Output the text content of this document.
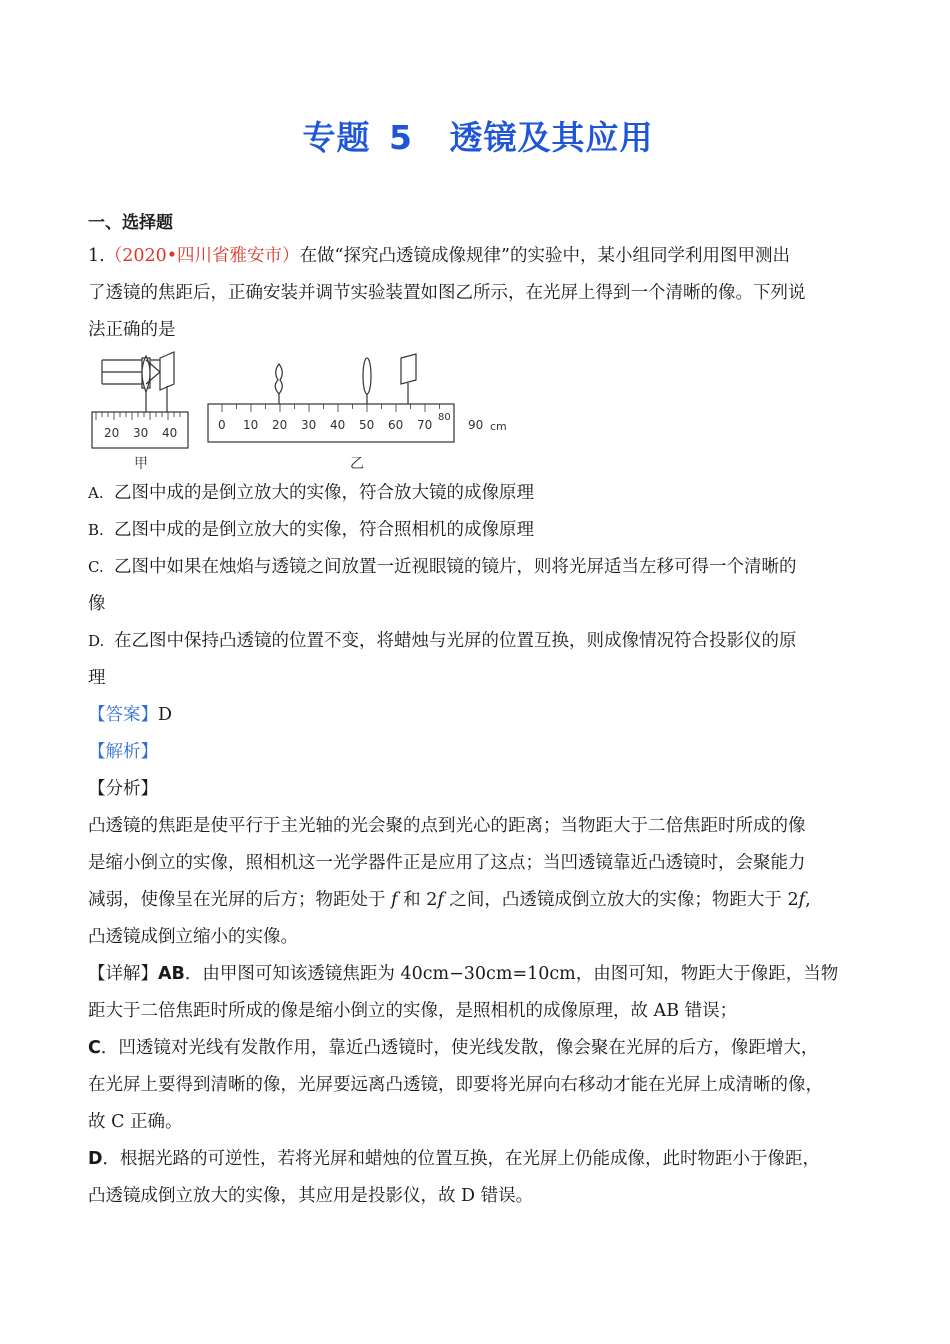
专题 5 透镜及其应用
一、选择题
1.（2020•四川省雅安市）在做“探究凸透镜成像规律”的实验中，某小组同学利用图甲测出
了透镜的焦距后，正确安装并调节实验装置如图乙所示，在光屏上得到一个清晰的像。下列说
法正确的是
20 30 40
甲
0 10 20 30 40 50 60 70
80
90 cm
乙
A. 乙图中成的是倒立放大的实像，符合放大镜的成像原理
B. 乙图中成的是倒立放大的实像，符合照相机的成像原理
C. 乙图中如果在烛焰与透镜之间放置一近视眼镜的镜片，则将光屏适当左移可得一个清晰的
像
D. 在乙图中保持凸透镜的位置不变，将蜡烛与光屏的位置互换，则成像情况符合投影仪的原
理
【答案】D
【解析】
【分析】
凸透镜的焦距是使平行于主光轴的光会聚的点到光心的距离；当物距大于二倍焦距时所成的像
是缩小倒立的实像，照相机这一光学器件正是应用了这点；当凹透镜靠近凸透镜时，会聚能力
减弱，使像呈在光屏的后方；物距处于 f 和 2f 之间，凸透镜成倒立放大的实像；物距大于 2f,
凸透镜成倒立缩小的实像。
【详解】AB．由甲图可知该透镜焦距为 40cm−30cm=10cm，由图可知，物距大于像距，当物
距大于二倍焦距时所成的像是缩小倒立的实像，是照相机的成像原理，故 AB 错误；
C．凹透镜对光线有发散作用，靠近凸透镜时，使光线发散，像会聚在光屏的后方，像距增大，
在光屏上要得到清晰的像，光屏要远离凸透镜，即要将光屏向右移动才能在光屏上成清晰的像，
故 C 正确。
D．根据光路的可逆性，若将光屏和蜡烛的位置互换，在光屏上仍能成像，此时物距小于像距，
凸透镜成倒立放大的实像，其应用是投影仪，故 D 错误。
